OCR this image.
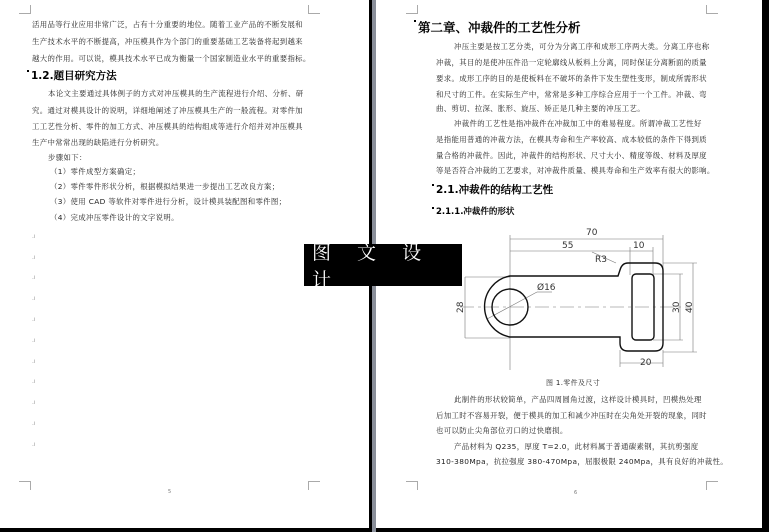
活用品等行业应用非常广泛，占有十分重要的地位。随着工业产品的不断发展和
生产技术水平的不断提高，冲压模具作为个部门的重要基础工艺装备将起到越来
越大的作用。可以说，模具技术水平已成为衡量一个国家制造业水平的重要指标。
1.2.题目研究方法
本论文主要通过具体例子的方式对冲压模具的生产流程进行介绍、分析、研
究。通过对模具设计的说明，详细地阐述了冲压模具生产的一般流程。对零件加
工工艺性分析、零件的加工方式、冲压模具的结构组成等进行介绍并对冲压模具
生产中常常出现的缺陷进行分析研究。
步骤如下：
（1）零件成型方案确定；
（2）零件零件形状分析，根据模拟结果进一步提出工艺改良方案；
（3）使用 CAD 等软件对零件进行分析，设计模具装配图和零件图；
（4）完成冲压零件设计的文字说明。
.ı
.ı
.ı
.ı
.ı
.ı
.ı
.ı
.ı
.ı
.ı
5
第二章、冲裁件的工艺性分析
冲压主要是按工艺分类，可分为分离工序和成形工序两大类。分离工序也称
冲裁，其目的是使冲压件沿一定轮廓线从板料上分离，同时保证分离断面的质量
要求。成形工序的目的是使板料在不破坏的条件下发生塑性变形，制成所需形状
和尺寸的工件。在实际生产中，常常是多种工序综合应用于一个工件。冲裁、弯
曲、剪切、拉深、胀形、旋压、矫正是几种主要的冲压工艺。
冲裁件的工艺性是指冲裁件在冲裁加工中的难易程度。所谓冲裁工艺性好
是指能用普通的冲裁方法，在模具寿命和生产率较高、成本较低的条件下得到质
量合格的冲裁件。因此，冲裁件的结构形状、尺寸大小、精度等级、材料及厚度
等是否符合冲裁的工艺要求，对冲裁件质量、模具寿命和生产效率有很大的影响。
2.1.冲裁件的结构工艺性
2.1.1.冲裁件的形状
图 1.零件及尺寸
此制件的形状较简单，产品四周圆角过渡，这样设计模具时，凹模热处理
后加工时不容易开裂，便于模具的加工和减少冲压时在尖角处开裂的现象，同时
也可以防止尖角部位刃口的过快磨损。
产品材料为 Q235，厚度 T=2.0，此材料属于普通碳素钢，其抗剪强度
310-380Mpa，抗拉强度 380-470Mpa，屈服极限 240Mpa，具有良好的冲裁性。
6
70
55	10
R3
Ø16
20
28	30 40
图 文 设 计
